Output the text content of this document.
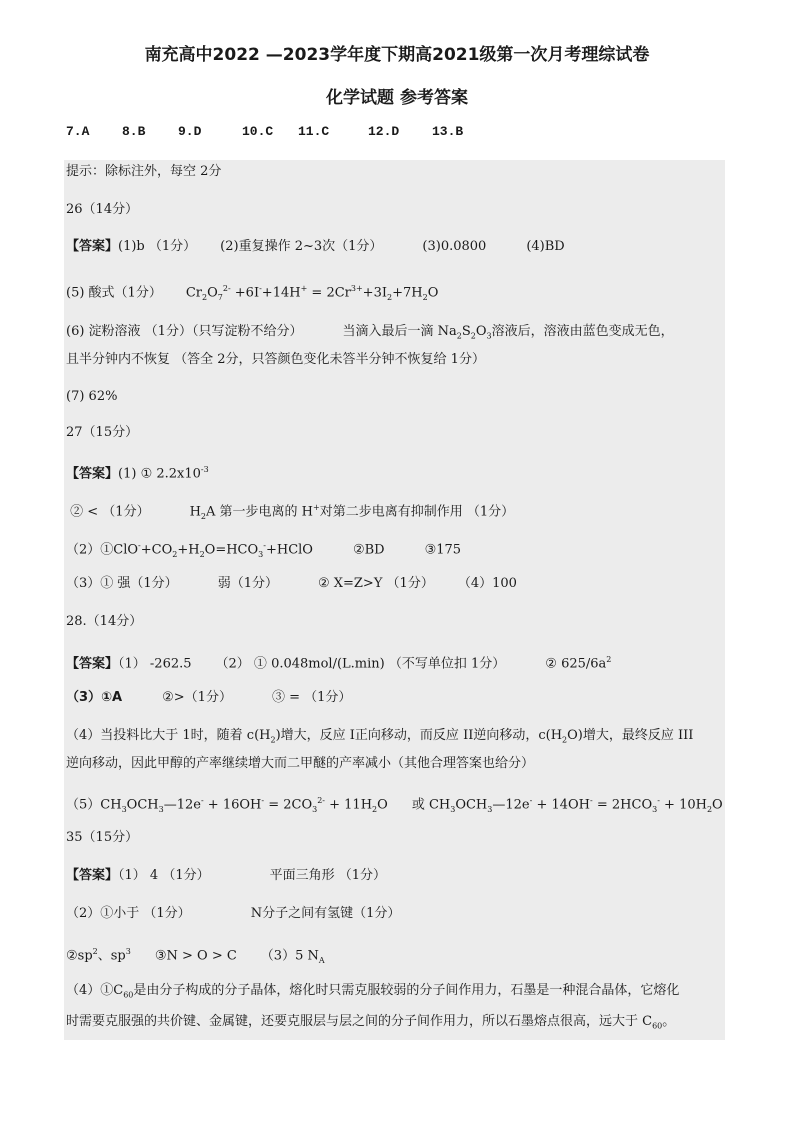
南充高中2022 —2023学年度下期高2021级第一次月考理综试卷
化学试题 参考答案
7.A	8.B	9.D	10.C 11.C	12.D	13.B
提示：除标注外，每空 2分
26（14分）
【答案】(1)b （1分） (2)重复操作 2~3次（1分）	(3)0.0800	(4)BD
(5) 酸式（1分） $Cr_2O_7^{2-} +6I^-+14H^+ = 2Cr^{3+}+3I_2+7H_2O$
(6) 淀粉溶液 （1分）（只写淀粉不给分）	当滴入最后一滴 $Na_2S_2O_3$溶液后，溶液由蓝色变成无色，
且半分钟内不恢复 （答全 2分，只答颜色变化未答半分钟不恢复给 1分）
(7) 62%
27（15分）
【答案】(1) ① $2.2x10^{-3}$
② < （1分）	$H_2A$ 第一步电离的 H+对第二步电离有抑制作用 （1分）
$(2)①ClO^-+CO_2+H_2O=HCO_3^-+HClO$	②BD	③175
（3）① 强（1分）	弱（1分）	② X=Z>Y （1分） （4）100
28.（14分）
【答案】（1） -262.5 （2） ① 0.048mol/(L.min) （不写单位扣 1分）	② $625/6a^2$
（3）①A	②>（1分）	③ = （1分）
（4）当投料比大于 1时，随着 $c(H_2)$增大，反应 I正向移动，而反应 II逆向移动，$c(H_2O)$增大，最终反应 III
逆向移动，因此甲醇的产率继续增大而二甲醚的产率减小（其他合理答案也给分）
$(5)CH_3OCH_3—12e^- + 16OH^- = 2CO_3^{2-} + 11H_2O$ 或 $CH_3OCH_3—12e^- + 14OH^- = 2HCO_3^- + 10H_2O$
35（15分）
【答案】（1） 4 （1分）	平面三角形 （1分）
（2）①小于 （1分）	N分子之间有氢键（1分）
$②sp^2$、$sp^3$ ③N > O > C （3）5 $N_A$
$(4)①C_{60}$是由分子构成的分子晶体，熔化时只需克服较弱的分子间作用力，石墨是一种混合晶体，它熔化
时需要克服强的共价键、金属键，还要克服层与层之间的分子间作用力，所以石墨熔点很高，远大于 $C_{60}$。
